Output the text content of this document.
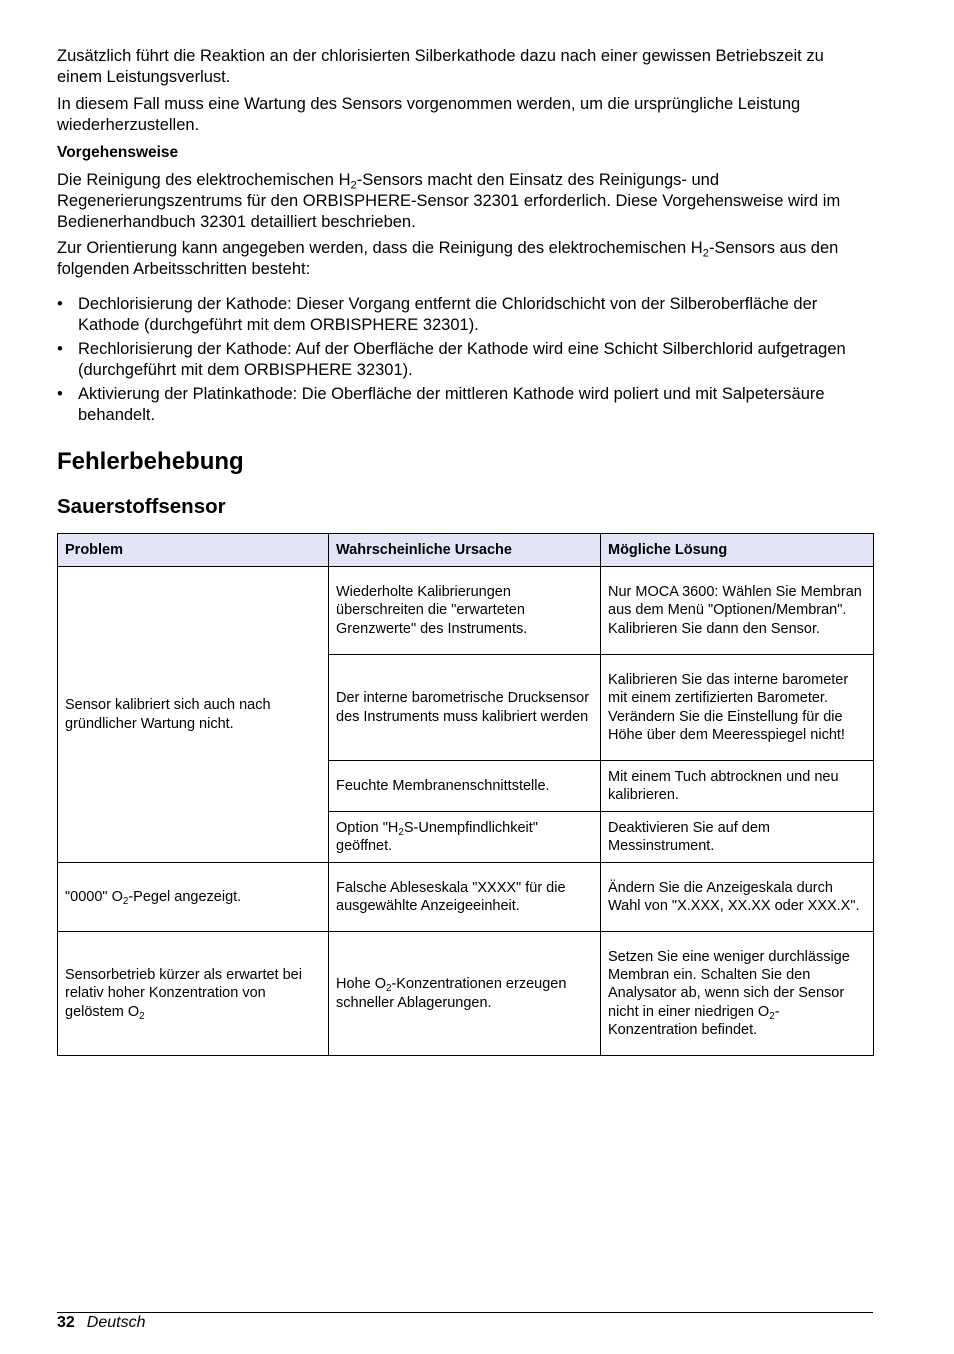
Zusätzlich führt die Reaktion an der chlorisierten Silberkathode dazu nach einer gewissen Betriebszeit zu einem Leistungsverlust.

In diesem Fall muss eine Wartung des Sensors vorgenommen werden, um die ursprüngliche Leistung wiederherzustellen.

Vorgehensweise

Die Reinigung des elektrochemischen $H_2$-Sensors macht den Einsatz des Reinigungs- und Regenerierungszentrums für den ORBISPHERE-Sensor 32301 erforderlich. Diese Vorgehensweise wird im Bedienerhandbuch 32301 detailliert beschrieben.

Zur Orientierung kann angegeben werden, dass die Reinigung des elektrochemischen $H_2$-Sensors aus den folgenden Arbeitsschritten besteht:

• Dechlorisierung der Kathode: Dieser Vorgang entfernt die Chloridschicht von der Silberoberfläche der Kathode (durchgeführt mit dem ORBISPHERE 32301).
• Rechlorisierung der Kathode: Auf der Oberfläche der Kathode wird eine Schicht Silberchlorid aufgetragen (durchgeführt mit dem ORBISPHERE 32301).
• Aktivierung der Platinkathode: Die Oberfläche der mittleren Kathode wird poliert und mit Salpetersäure behandelt.
Fehlerbehebung
Sauerstoffsensor
Problem	Wahrscheinliche Ursache	Mögliche Lösung
Sensor kalibriert sich auch nach gründlicher Wartung nicht.	Wiederholte Kalibrierungen überschreiten die "erwarteten Grenzwerte" des Instruments.	Nur MOCA 3600: Wählen Sie Membran aus dem Menü "Optionen/Membran". Kalibrieren Sie dann den Sensor.
	Der interne barometrische Drucksensor des Instruments muss kalibriert werden	Kalibrieren Sie das interne barometer mit einem zertifizierten Barometer. Verändern Sie die Einstellung für die Höhe über dem Meeresspiegel nicht!
	Feuchte Membranenschnittstelle.	Mit einem Tuch abtrocknen und neu kalibrieren.
	Option "$H_2S$-Unempfindlichkeit" geöffnet.	Deaktivieren Sie auf dem Messinstrument.
"0000" $O_2$-Pegel angezeigt.	Falsche Ableseskala "XXXX" für die ausgewählte Anzeigeeinheit.	Ändern Sie die Anzeigeskala durch Wahl von "X.XXX, XX.XX oder XXX.X".
Sensorbetrieb kürzer als erwartet bei relativ hoher Konzentration von gelöstem $O_2$	Hohe $O_2$-Konzentrationen erzeugen schneller Ablagerungen.	Setzen Sie eine weniger durchlässige Membran ein. Schalten Sie den Analysator ab, wenn sich der Sensor nicht in einer niedrigen $O_2$-Konzentration befindet.
32 Deutsch
